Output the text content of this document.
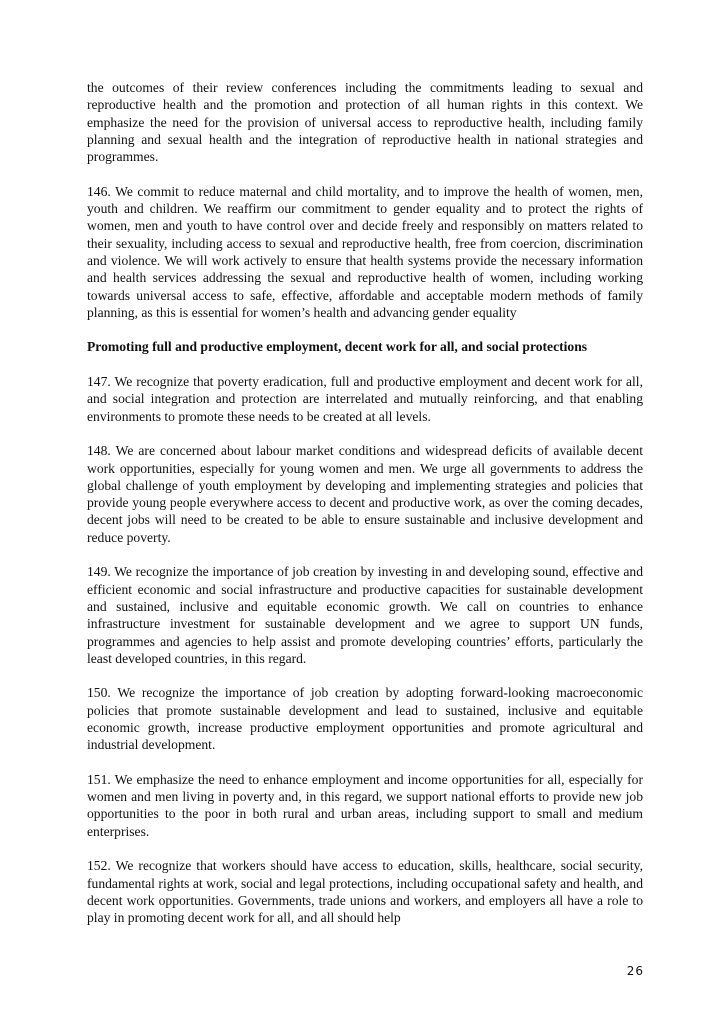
the outcomes of their review conferences including the commitments leading to sexual and reproductive health and the promotion and protection of all human rights in this context. We emphasize the need for the provision of universal access to reproductive health, including family planning and sexual health and the integration of reproductive health in national strategies and programmes.

146. We commit to reduce maternal and child mortality, and to improve the health of women, men, youth and children. We reaffirm our commitment to gender equality and to protect the rights of women, men and youth to have control over and decide freely and responsibly on matters related to their sexuality, including access to sexual and reproductive health, free from coercion, discrimination and violence. We will work actively to ensure that health systems provide the necessary information and health services addressing the sexual and reproductive health of women, including working towards universal access to safe, effective, affordable and acceptable modern methods of family planning, as this is essential for women’s health and advancing gender equality

Promoting full and productive employment, decent work for all, and social protections

147. We recognize that poverty eradication, full and productive employment and decent work for all, and social integration and protection are interrelated and mutually reinforcing, and that enabling environments to promote these needs to be created at all levels.

148. We are concerned about labour market conditions and widespread deficits of available decent work opportunities, especially for young women and men. We urge all governments to address the global challenge of youth employment by developing and implementing strategies and policies that provide young people everywhere access to decent and productive work, as over the coming decades, decent jobs will need to be created to be able to ensure sustainable and inclusive development and reduce poverty.

149. We recognize the importance of job creation by investing in and developing sound, effective and efficient economic and social infrastructure and productive capacities for sustainable development and sustained, inclusive and equitable economic growth. We call on countries to enhance infrastructure investment for sustainable development and we agree to support UN funds, programmes and agencies to help assist and promote developing countries’ efforts, particularly the least developed countries, in this regard.

150. We recognize the importance of job creation by adopting forward-looking macroeconomic policies that promote sustainable development and lead to sustained, inclusive and equitable economic growth, increase productive employment opportunities and promote agricultural and industrial development.

151. We emphasize the need to enhance employment and income opportunities for all, especially for women and men living in poverty and, in this regard, we support national efforts to provide new job opportunities to the poor in both rural and urban areas, including support to small and medium enterprises.

152. We recognize that workers should have access to education, skills, healthcare, social security, fundamental rights at work, social and legal protections, including occupational safety and health, and decent work opportunities. Governments, trade unions and workers, and employers all have a role to play in promoting decent work for all, and all should help

26
